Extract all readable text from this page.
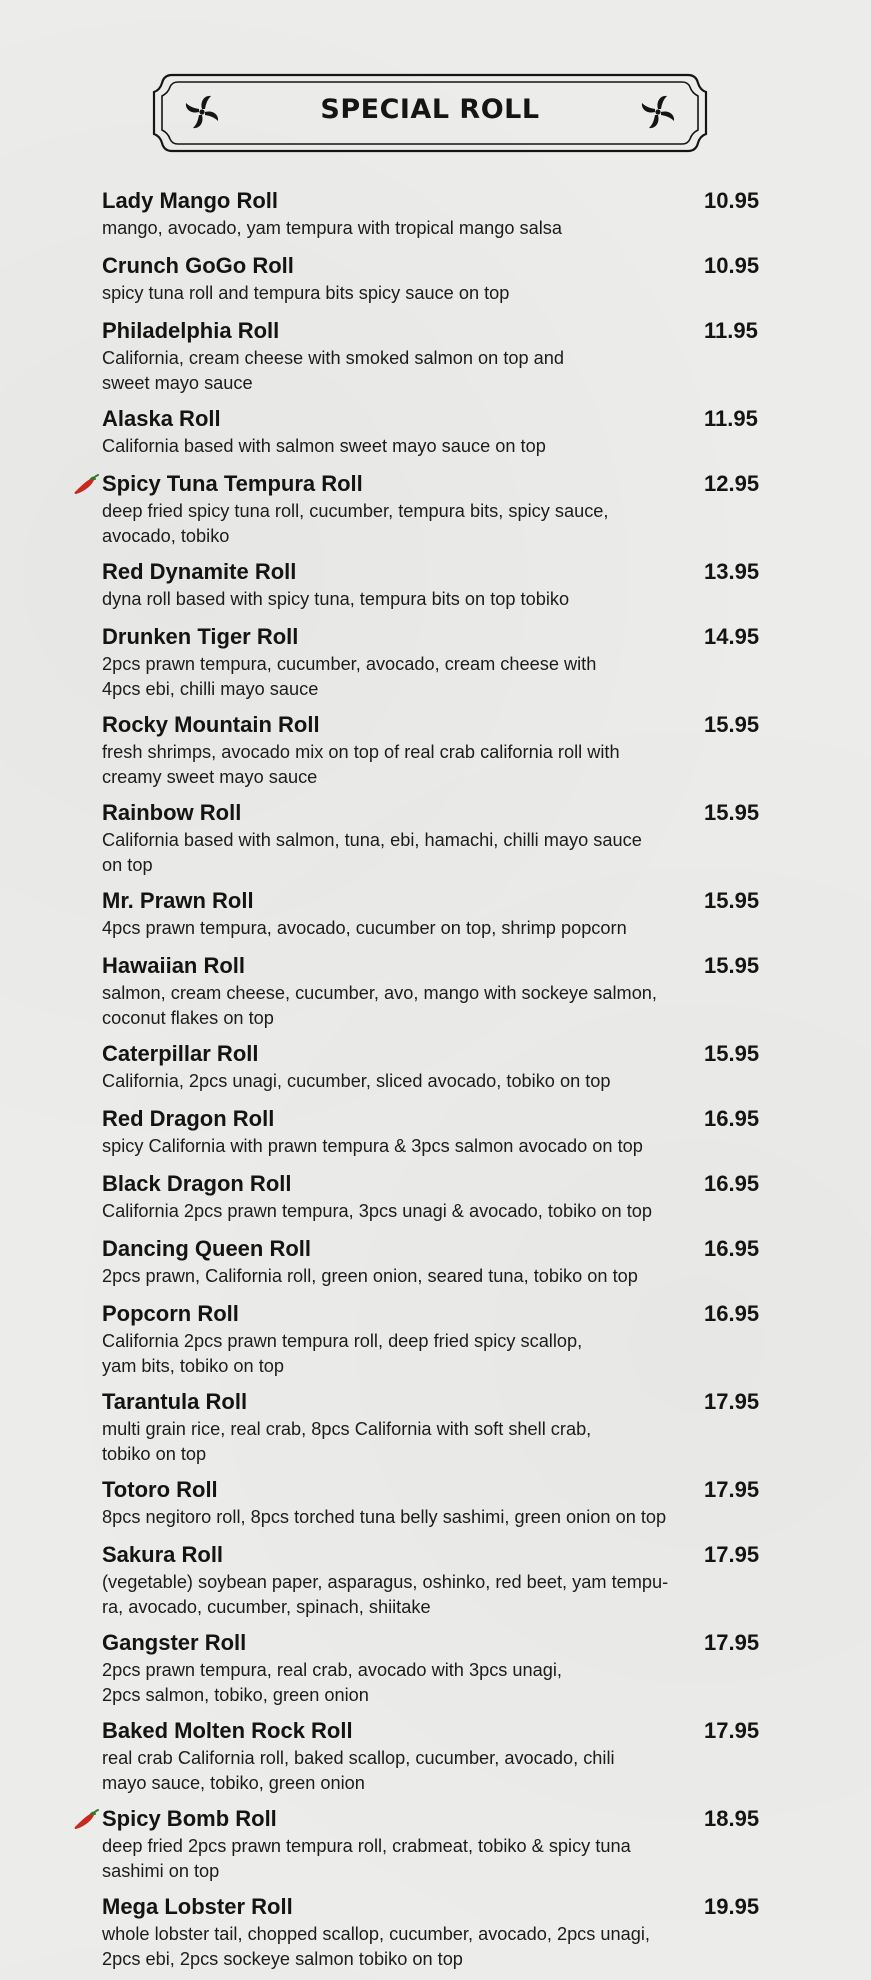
SPECIAL ROLL
Lady Mango Roll	10.95
mango, avocado, yam tempura with tropical mango salsa
Crunch GoGo Roll	10.95
spicy tuna roll and tempura bits spicy sauce on top
Philadelphia Roll	11.95
California, cream cheese with smoked salmon on top and
sweet mayo sauce
Alaska Roll	11.95
California based with salmon sweet mayo sauce on top
Spicy Tuna Tempura Roll	12.95
deep fried spicy tuna roll, cucumber, tempura bits, spicy sauce,
avocado, tobiko
Red Dynamite Roll	13.95
dyna roll based with spicy tuna, tempura bits on top tobiko
Drunken Tiger Roll	14.95
2pcs prawn tempura, cucumber, avocado, cream cheese with
4pcs ebi, chilli mayo sauce
Rocky Mountain Roll	15.95
fresh shrimps, avocado mix on top of real crab california roll with
creamy sweet mayo sauce
Rainbow Roll	15.95
California based with salmon, tuna, ebi, hamachi, chilli mayo sauce
on top
Mr. Prawn Roll	15.95
4pcs prawn tempura, avocado, cucumber on top, shrimp popcorn
Hawaiian Roll	15.95
salmon, cream cheese, cucumber, avo, mango with sockeye salmon,
coconut flakes on top
Caterpillar Roll	15.95
California, 2pcs unagi, cucumber, sliced avocado, tobiko on top
Red Dragon Roll	16.95
spicy California with prawn tempura & 3pcs salmon avocado on top
Black Dragon Roll	16.95
California 2pcs prawn tempura, 3pcs unagi & avocado, tobiko on top
Dancing Queen Roll	16.95
2pcs prawn, California roll, green onion, seared tuna, tobiko on top
Popcorn Roll	16.95
California 2pcs prawn tempura roll, deep fried spicy scallop,
yam bits, tobiko on top
Tarantula Roll	17.95
multi grain rice, real crab, 8pcs California with soft shell crab,
tobiko on top
Totoro Roll	17.95
8pcs negitoro roll, 8pcs torched tuna belly sashimi, green onion on top
Sakura Roll	17.95
(vegetable) soybean paper, asparagus, oshinko, red beet, yam tempu-
ra, avocado, cucumber, spinach, shiitake
Gangster Roll	17.95
2pcs prawn tempura, real crab, avocado with 3pcs unagi,
2pcs salmon, tobiko, green onion
Baked Molten Rock Roll	17.95
real crab California roll, baked scallop, cucumber, avocado, chili
mayo sauce, tobiko, green onion
Spicy Bomb Roll	18.95
deep fried 2pcs prawn tempura roll, crabmeat, tobiko & spicy tuna
sashimi on top
Mega Lobster Roll	19.95
whole lobster tail, chopped scallop, cucumber, avocado, 2pcs unagi,
2pcs ebi, 2pcs sockeye salmon tobiko on top
